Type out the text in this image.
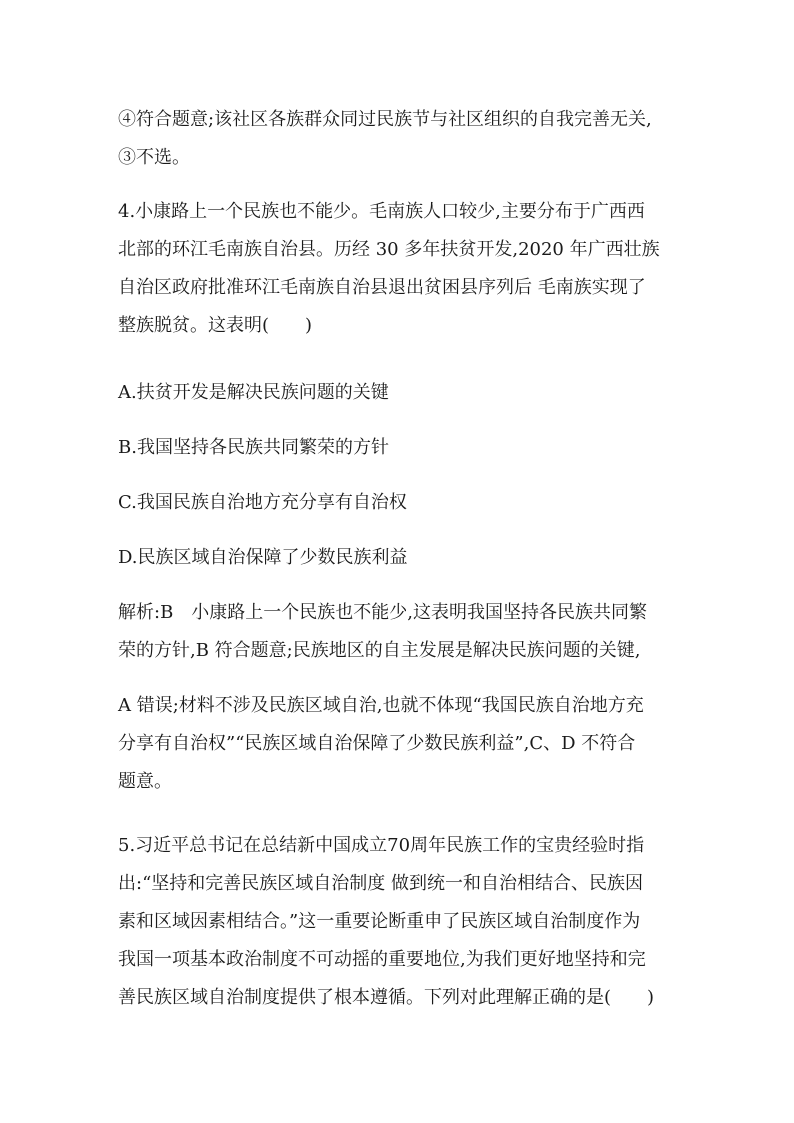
④符合题意;该社区各族群众同过民族节与社区组织的自我完善无关,
③不选。
4.小康路上一个民族也不能少。毛南族人口较少,主要分布于广西西
北部的环江毛南族自治县。历经 30 多年扶贫开发,2020 年广西壮族
自治区政府批准环江毛南族自治县退出贫困县序列后 毛南族实现了
整族脱贫。这表明(　　)
A.扶贫开发是解决民族问题的关键
B.我国坚持各民族共同繁荣的方针
C.我国民族自治地方充分享有自治权
D.民族区域自治保障了少数民族利益
解析:B　小康路上一个民族也不能少,这表明我国坚持各民族共同繁
荣的方针,B 符合题意;民族地区的自主发展是解决民族问题的关键,
A 错误;材料不涉及民族区域自治,也就不体现“我国民族自治地方充
分享有自治权”“民族区域自治保障了少数民族利益”,C、D 不符合
题意。
5.习近平总书记在总结新中国成立70周年民族工作的宝贵经验时指
出:“坚持和完善民族区域自治制度 做到统一和自治相结合、民族因
素和区域因素相结合。”这一重要论断重申了民族区域自治制度作为
我国一项基本政治制度不可动摇的重要地位,为我们更好地坚持和完
善民族区域自治制度提供了根本遵循。下列对此理解正确的是(　　)
